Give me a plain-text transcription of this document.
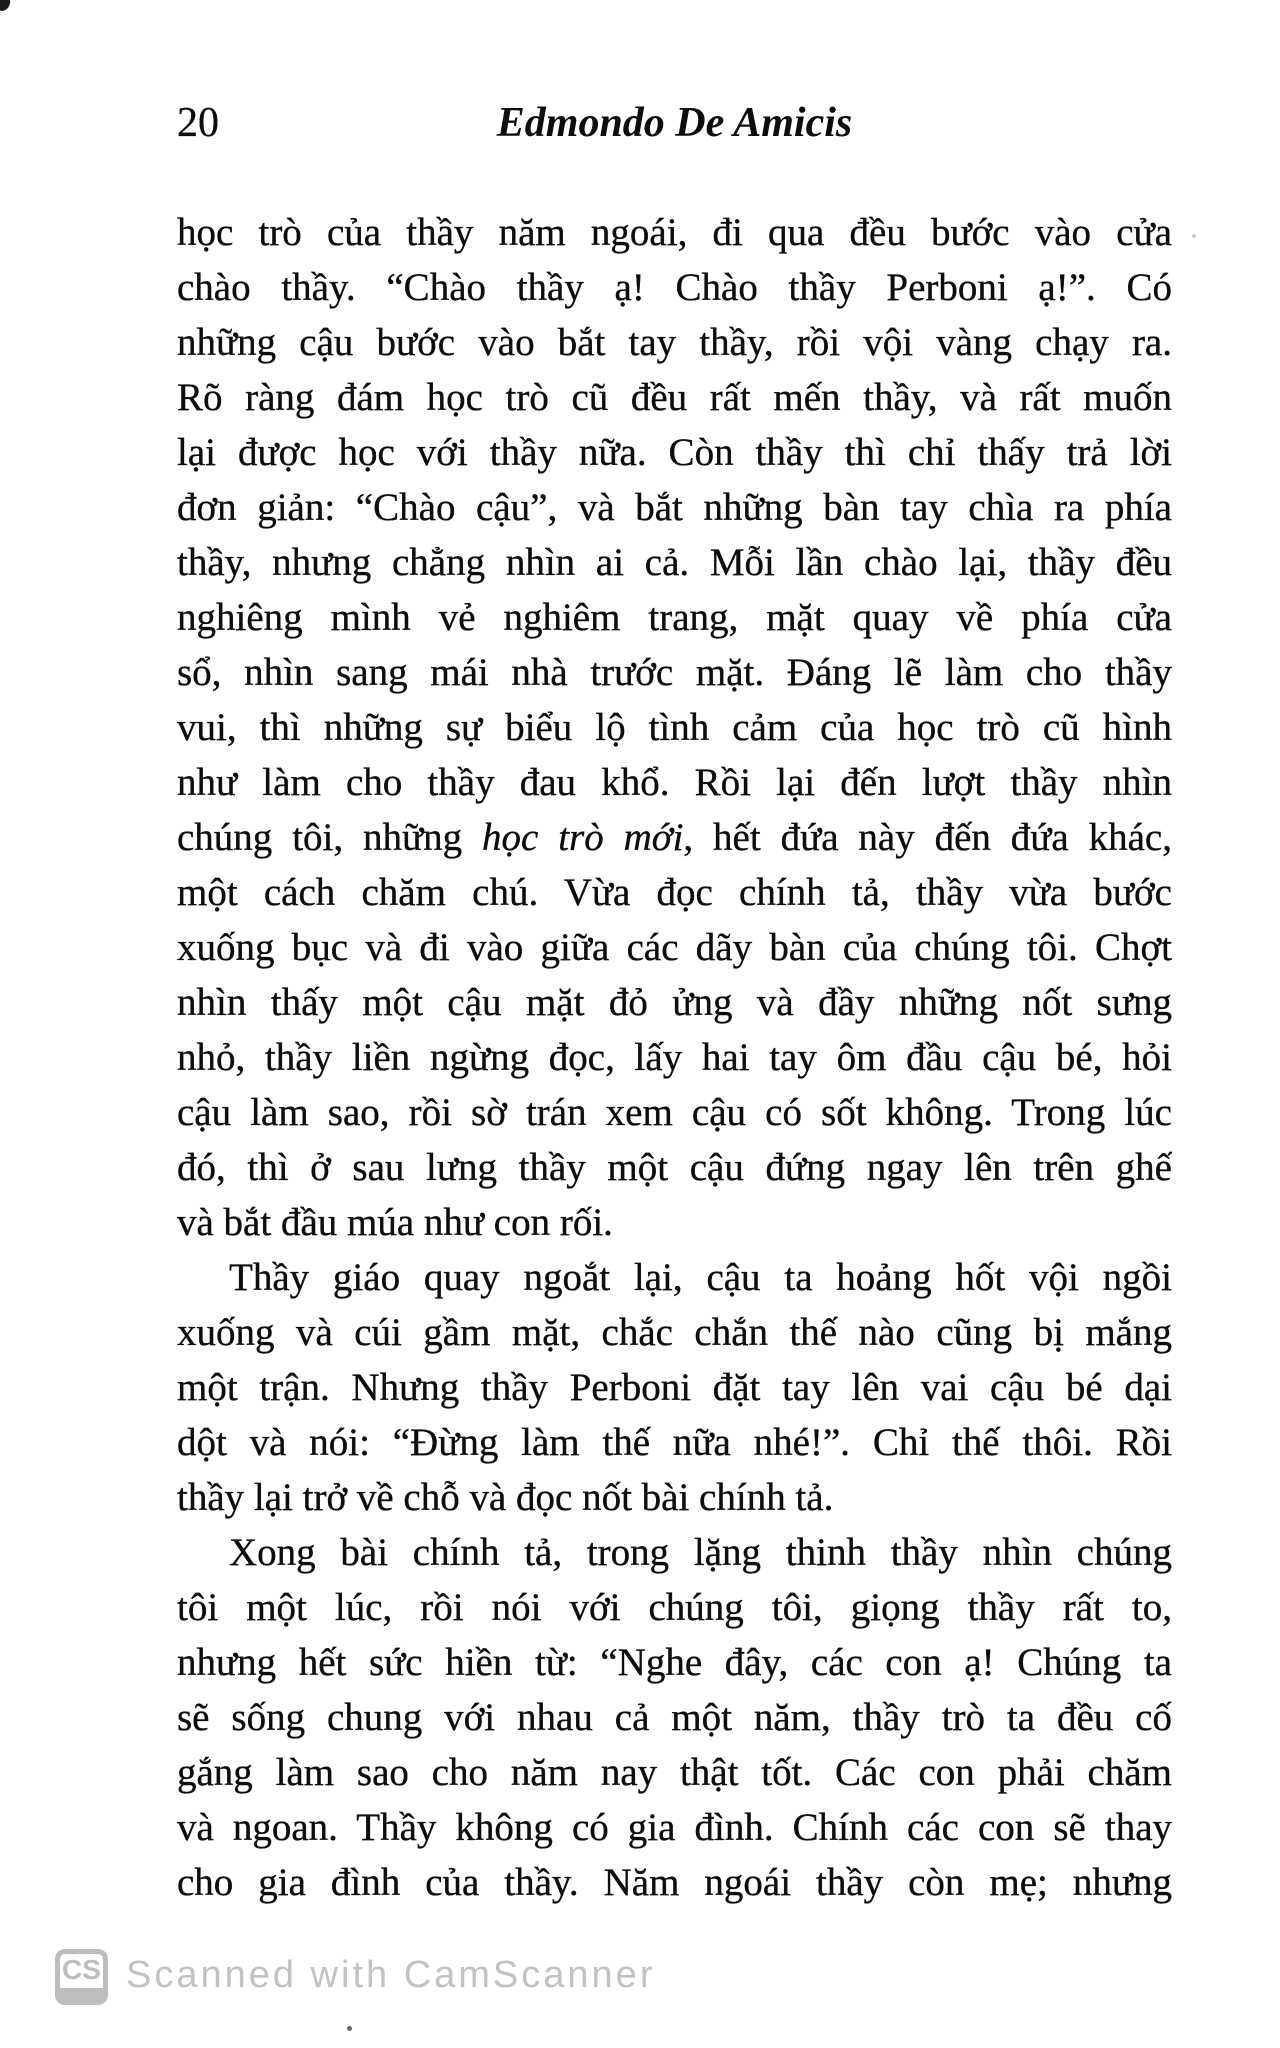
20	Edmondo De Amicis
học trò của thầy năm ngoái, đi qua đều bước vào cửa
chào thầy. “Chào thầy ạ! Chào thầy Perboni ạ!”. Có
những cậu bước vào bắt tay thầy, rồi vội vàng chạy ra.
Rõ ràng đám học trò cũ đều rất mến thầy, và rất muốn
lại được học với thầy nữa. Còn thầy thì chỉ thấy trả lời
đơn giản: “Chào cậu”, và bắt những bàn tay chìa ra phía
thầy, nhưng chẳng nhìn ai cả. Mỗi lần chào lại, thầy đều
nghiêng mình vẻ nghiêm trang, mặt quay về phía cửa
sổ, nhìn sang mái nhà trước mặt. Đáng lẽ làm cho thầy
vui, thì những sự biểu lộ tình cảm của học trò cũ hình
như làm cho thầy đau khổ. Rồi lại đến lượt thầy nhìn
chúng tôi, những học trò mới, hết đứa này đến đứa khác,
một cách chăm chú. Vừa đọc chính tả, thầy vừa bước
xuống bục và đi vào giữa các dãy bàn của chúng tôi. Chợt
nhìn thấy một cậu mặt đỏ ửng và đầy những nốt sưng
nhỏ, thầy liền ngừng đọc, lấy hai tay ôm đầu cậu bé, hỏi
cậu làm sao, rồi sờ trán xem cậu có sốt không. Trong lúc
đó, thì ở sau lưng thầy một cậu đứng ngay lên trên ghế
và bắt đầu múa như con rối.
Thầy giáo quay ngoắt lại, cậu ta hoảng hốt vội ngồi
xuống và cúi gầm mặt, chắc chắn thế nào cũng bị mắng
một trận. Nhưng thầy Perboni đặt tay lên vai cậu bé dại
dột và nói: “Đừng làm thế nữa nhé!”. Chỉ thế thôi. Rồi
thầy lại trở về chỗ và đọc nốt bài chính tả.
Xong bài chính tả, trong lặng thinh thầy nhìn chúng
tôi một lúc, rồi nói với chúng tôi, giọng thầy rất to,
nhưng hết sức hiền từ: “Nghe đây, các con ạ! Chúng ta
sẽ sống chung với nhau cả một năm, thầy trò ta đều cố
gắng làm sao cho năm nay thật tốt. Các con phải chăm
và ngoan. Thầy không có gia đình. Chính các con sẽ thay
cho gia đình của thầy. Năm ngoái thầy còn mẹ; nhưng
CS Scanned with CamScanner
